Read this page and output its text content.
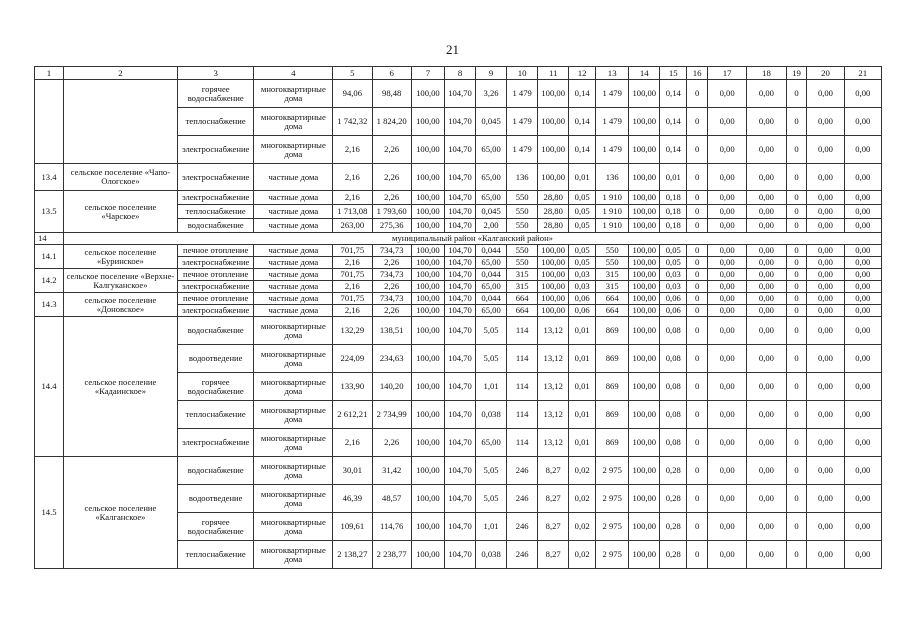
21
1	2	3	4	5	6	7	8	9	10	11	12	13	14	15	16	17	18	19	20	21
		горячее водоснабжение	многоквартирные дома	94,06	98,48	100,00	104,70	3,26	1 479	100,00	0,14	1 479	100,00	0,14	0	0,00	0,00	0	0,00	0,00
		теплоснабжение	многоквартирные дома	1 742,32	1 824,20	100,00	104,70	0,045	1 479	100,00	0,14	1 479	100,00	0,14	0	0,00	0,00	0	0,00	0,00
		электроснабжение	многоквартирные дома	2,16	2,26	100,00	104,70	65,00	1 479	100,00	0,14	1 479	100,00	0,14	0	0,00	0,00	0	0,00	0,00
13.4	сельское поселение «Чапо-Ологское»	электроснабжение	частные дома	2,16	2,26	100,00	104,70	65,00	136	100,00	0,01	136	100,00	0,01	0	0,00	0,00	0	0,00	0,00
13.5	сельское поселение «Чарское»	электроснабжение	частные дома	2,16	2,26	100,00	104,70	65,00	550	28,80	0,05	1 910	100,00	0,18	0	0,00	0,00	0	0,00	0,00
		теплоснабжение	частные дома	1 713,08	1 793,60	100,00	104,70	0,045	550	28,80	0,05	1 910	100,00	0,18	0	0,00	0,00	0	0,00	0,00
		водоснабжение	частные дома	263,00	275,36	100,00	104,70	2,00	550	28,80	0,05	1 910	100,00	0,18	0	0,00	0,00	0	0,00	0,00
14	муниципальный район «Калганский район»																			
14.1	сельское поселение «Буринское»	печное отопление	частные дома	701,75	734,73	100,00	104,70	0,044	550	100,00	0,05	550	100,00	0,05	0	0,00	0,00	0	0,00	0,00
		электроснабжение	частные дома	2,16	2,26	100,00	104,70	65,00	550	100,00	0,05	550	100,00	0,05	0	0,00	0,00	0	0,00	0,00
14.2	сельское поселение «Верхне-Калгуканское»	печное отопление	частные дома	701,75	734,73	100,00	104,70	0,044	315	100,00	0,03	315	100,00	0,03	0	0,00	0,00	0	0,00	0,00
		электроснабжение	частные дома	2,16	2,26	100,00	104,70	65,00	315	100,00	0,03	315	100,00	0,03	0	0,00	0,00	0	0,00	0,00
14.3	сельское поселение «Доновское»	печное отопление	частные дома	701,75	734,73	100,00	104,70	0,044	664	100,00	0,06	664	100,00	0,06	0	0,00	0,00	0	0,00	0,00
		электроснабжение	частные дома	2,16	2,26	100,00	104,70	65,00	664	100,00	0,06	664	100,00	0,06	0	0,00	0,00	0	0,00	0,00
14.4	сельское поселение «Кадаинское»	водоснабжение	многоквартирные дома	132,29	138,51	100,00	104,70	5,05	114	13,12	0,01	869	100,00	0,08	0	0,00	0,00	0	0,00	0,00
		водоотведение	многоквартирные дома	224,09	234,63	100,00	104,70	5,05	114	13,12	0,01	869	100,00	0,08	0	0,00	0,00	0	0,00	0,00
		горячее водоснабжение	многоквартирные дома	133,90	140,20	100,00	104,70	1,01	114	13,12	0,01	869	100,00	0,08	0	0,00	0,00	0	0,00	0,00
		теплоснабжение	многоквартирные дома	2 612,21	2 734,99	100,00	104,70	0,038	114	13,12	0,01	869	100,00	0,08	0	0,00	0,00	0	0,00	0,00
		электроснабжение	многоквартирные дома	2,16	2,26	100,00	104,70	65,00	114	13,12	0,01	869	100,00	0,08	0	0,00	0,00	0	0,00	0,00
14.5	сельское поселение «Калганское»	водоснабжение	многоквартирные дома	30,01	31,42	100,00	104,70	5,05	246	8,27	0,02	2 975	100,00	0,28	0	0,00	0,00	0	0,00	0,00
		водоотведение	многоквартирные дома	46,39	48,57	100,00	104,70	5,05	246	8,27	0,02	2 975	100,00	0,28	0	0,00	0,00	0	0,00	0,00
		горячее водоснабжение	многоквартирные дома	109,61	114,76	100,00	104,70	1,01	246	8,27	0,02	2 975	100,00	0,28	0	0,00	0,00	0	0,00	0,00
		теплоснабжение	многоквартирные дома	2 138,27	2 238,77	100,00	104,70	0,038	246	8,27	0,02	2 975	100,00	0,28	0	0,00	0,00	0	0,00	0,00
